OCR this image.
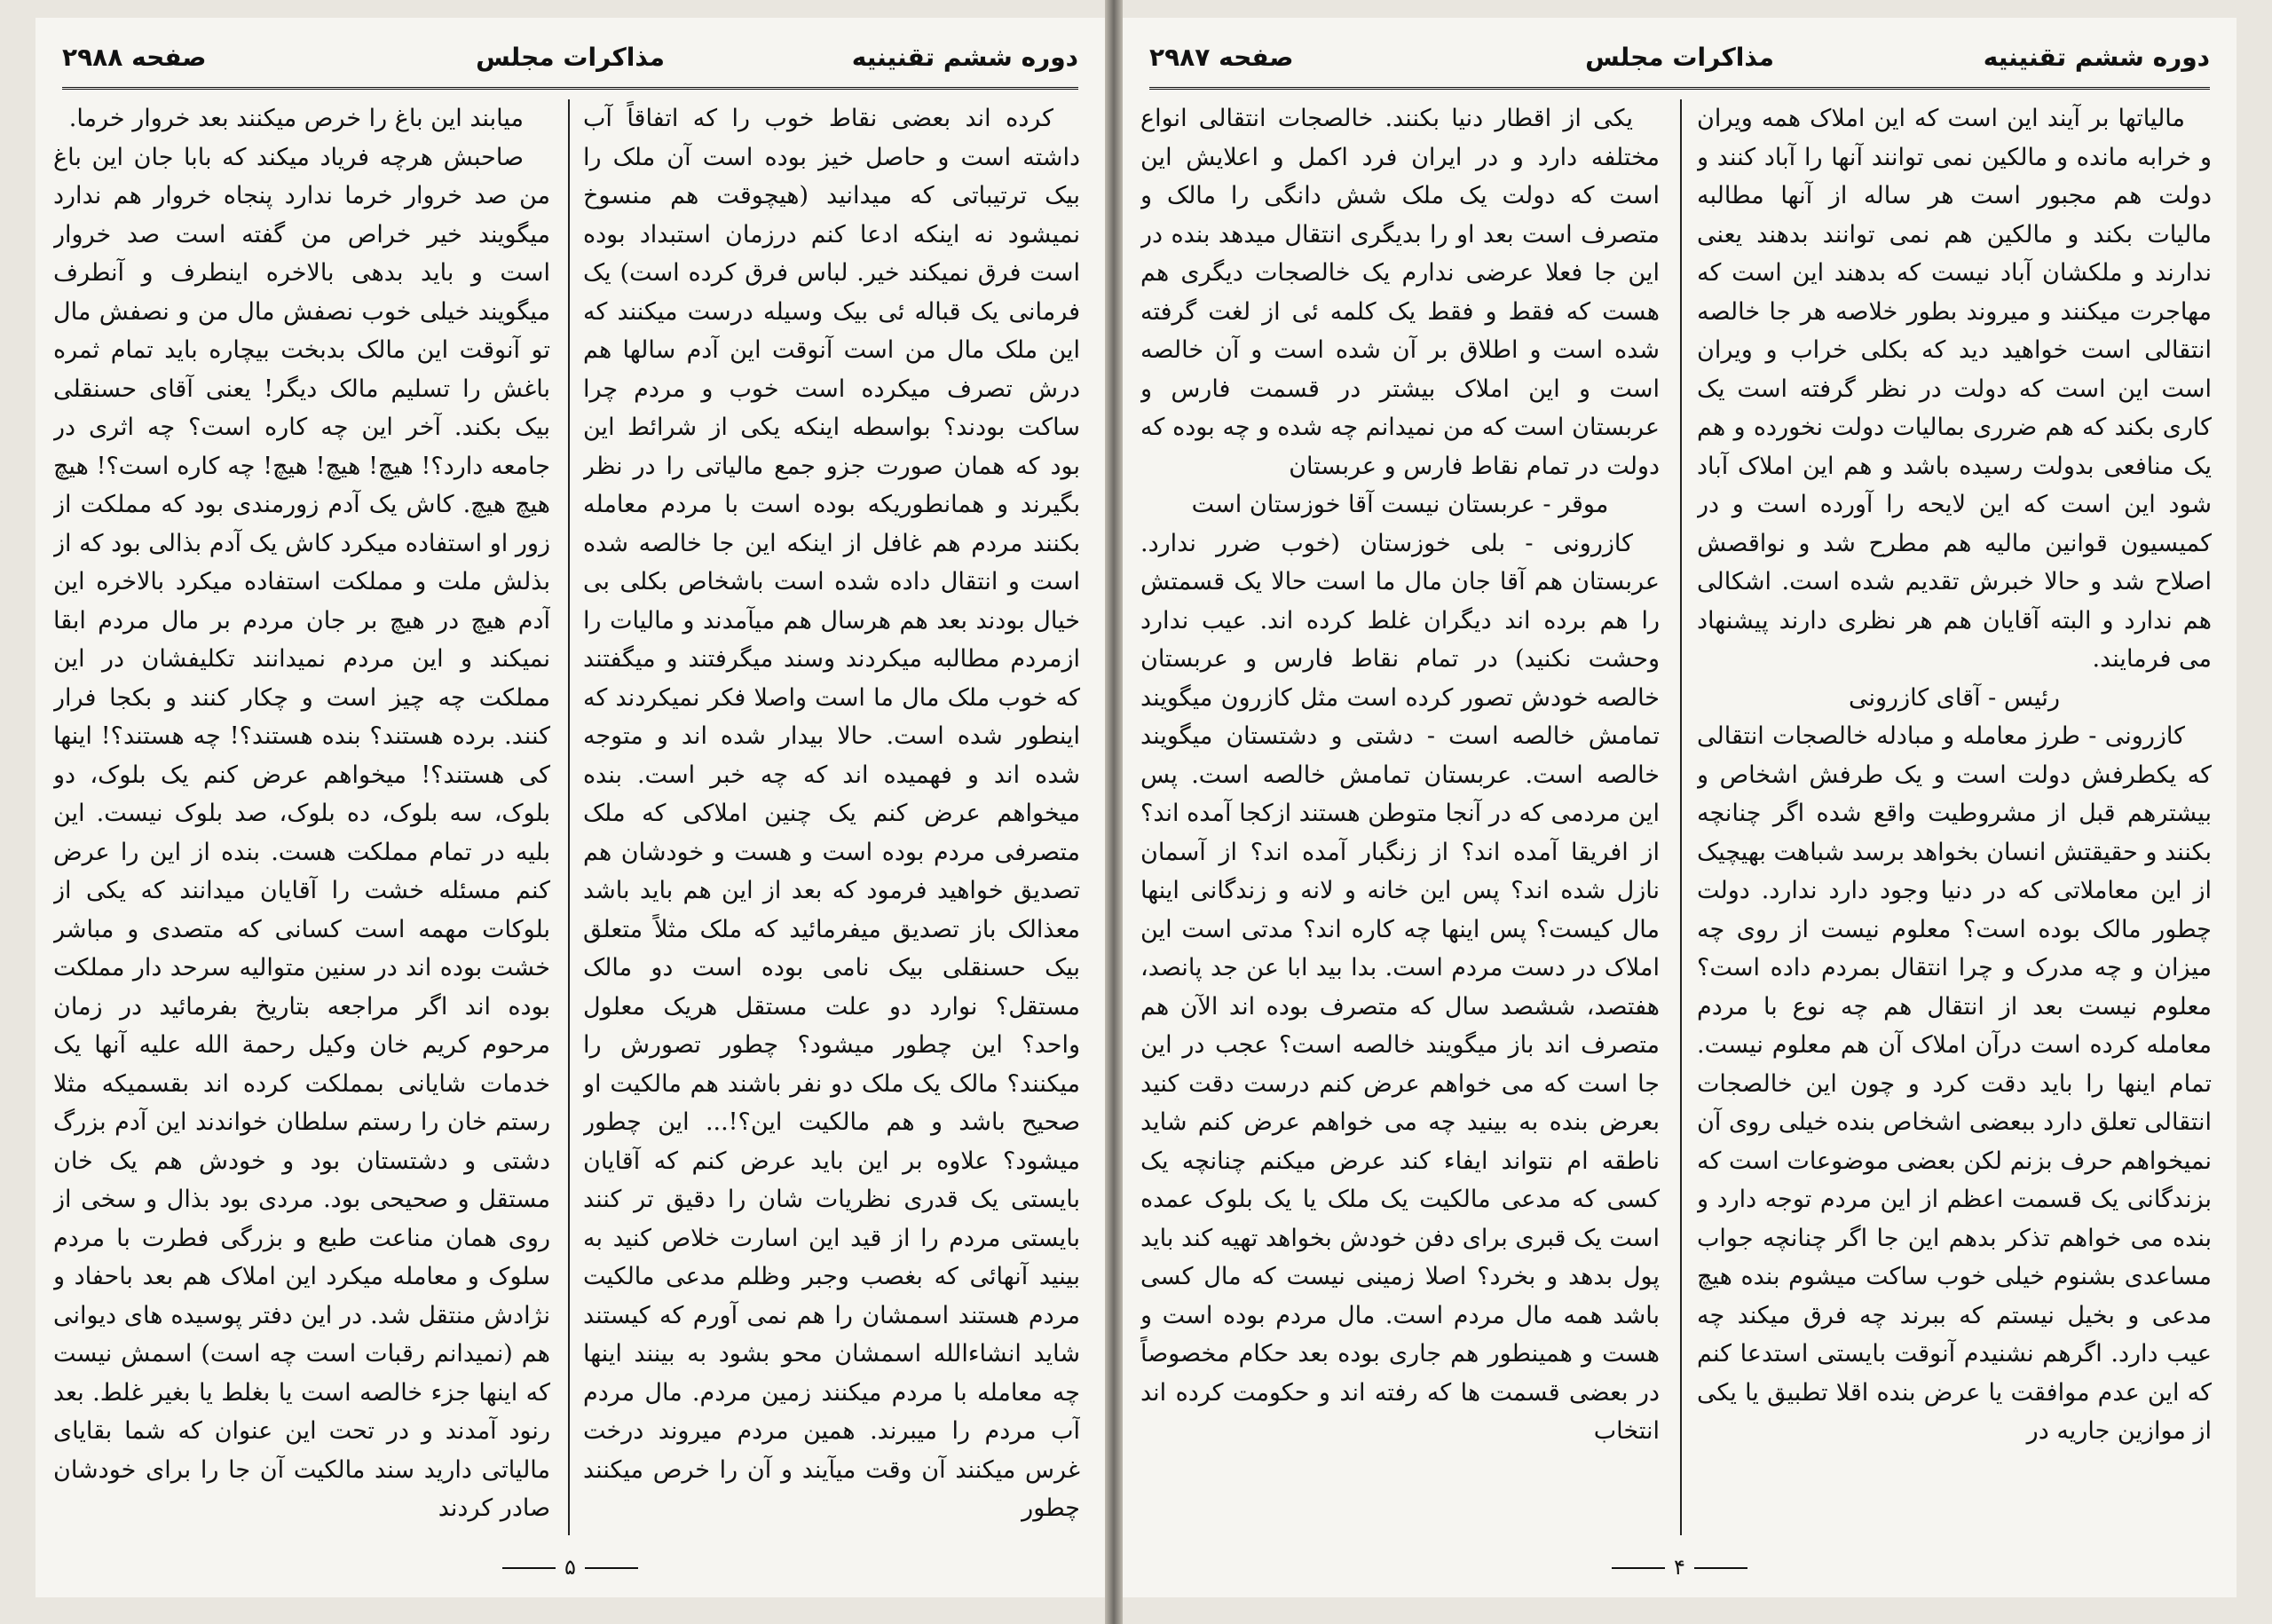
دوره ششم تقنینیه
مذاکرات مجلس
صفحه ۲۹۸۸

کرده اند بعضی نقاط خوب را که اتفاقاً آب داشته است و حاصل خیز بوده است آن ملک را بیک ترتیباتی که میدانید (هیچوقت هم منسوخ نمیشود نه اینکه ادعا کنم درزمان استبداد بوده است فرق نمیکند خیر. لباس فرق کرده است) یک فرمانی یک قباله ئی بیک وسیله درست میکنند که این ملک مال من است آنوقت این آدم سالها هم درش تصرف میکرده است خوب و مردم چرا ساکت بودند؟ بواسطه اینکه یکی از شرائط این بود که همان صورت جزو جمع مالیاتی را در نظر بگیرند و همانطوریکه بوده است با مردم معامله بکنند مردم هم غافل از اینکه این جا خالصه شده است و انتقال داده شده است باشخاص بکلی بی خیال بودند بعد هم هرسال هم میآمدند و مالیات را ازمردم مطالبه میکردند وسند میگرفتند و میگفتند که خوب ملک مال ما است واصلا فکر نمیکردند که اینطور شده است. حالا بیدار شده اند و متوجه شده اند و فهمیده اند که چه خبر است. بنده میخواهم عرض کنم یک چنین املاکی که ملک متصرفی مردم بوده است و هست و خودشان هم تصدیق خواهید فرمود که بعد از این هم باید باشد معذالک باز تصدیق میفرمائید که ملک مثلاً متعلق بیک حسنقلی بیک نامی بوده است دو مالک مستقل؟ نوارد دو علت مستقل هریک معلول واحد؟ این چطور میشود؟ چطور تصورش را میکنند؟ مالک یک ملک دو نفر باشند هم مالکیت او صحیح باشد و هم مالکیت این؟!... این چطور میشود؟ علاوه بر این باید عرض کنم که آقایان بایستی یک قدری نظریات شان را دقیق تر کنند بایستی مردم را از قید این اسارت خلاص کنید به بینید آنهائی که بغصب وجبر وظلم مدعی مالکیت مردم هستند اسمشان را هم نمی آورم که کیستند شاید انشاءالله اسمشان محو بشود به بینند اینها چه معامله با مردم میکنند زمین مردم. مال مردم آب مردم را میبرند. همین مردم میروند درخت غرس میکنند آن وقت میآیند و آن را خرص میکنند چطور

میابند این باغ را خرص میکنند بعد خروار خرما.

صاحبش هرچه فریاد میکند که بابا جان این باغ من صد خروار خرما ندارد پنجاه خروار هم ندارد میگویند خیر خراص من گفته است صد خروار است و باید بدهی بالاخره اینطرف و آنطرف میگویند خیلی خوب نصفش مال من و نصفش مال تو آنوقت این مالک بدبخت بیچاره باید تمام ثمره باغش را تسلیم مالک دیگر! یعنی آقای حسنقلی بیک بکند. آخر این چه کاره است؟ چه اثری در جامعه دارد؟! هیچ! هیچ! هیچ! چه کاره است؟! هیچ هیچ هیچ. کاش یک آدم زورمندی بود که مملکت از زور او استفاده میکرد کاش یک آدم بذالی بود که از بذلش ملت و مملکت استفاده میکرد بالاخره این آدم هیچ در هیچ بر جان مردم بر مال مردم ابقا نمیکند و این مردم نمیدانند تکلیفشان در این مملکت چه چیز است و چکار کنند و بکجا فرار کنند. برده هستند؟ بنده هستند؟! چه هستند؟! اینها کی هستند؟! میخواهم عرض کنم یک بلوک، دو بلوک، سه بلوک، ده بلوک، صد بلوک نیست. این بلیه در تمام مملکت هست. بنده از این را عرض کنم مسئله خشت را آقایان میدانند که یکی از بلوکات مهمه است کسانی که متصدی و مباشر خشت بوده اند در سنین متوالیه سرحد دار مملکت بوده اند اگر مراجعه بتاریخ بفرمائید در زمان مرحوم کریم خان وکیل رحمة الله علیه آنها یک خدمات شایانی بمملکت کرده اند بقسمیکه مثلا رستم خان را رستم سلطان خواندند این آدم بزرگ دشتی و دشتستان بود و خودش هم یک خان مستقل و صحیحی بود. مردی بود بذال و سخی از روی همان مناعت طبع و بزرگی فطرت با مردم سلوک و معامله میکرد این املاک هم بعد باحفاد و نژادش منتقل شد. در این دفتر پوسیده های دیوانی هم (نمیدانم رقبات است چه است) اسمش نیست که اینها جزء خالصه است یا بغلط یا بغیر غلط. بعد رنود آمدند و در تحت این عنوان که شما بقایای مالیاتی دارید سند مالکیت آن جا را برای خودشان صادر کردند

۵
دوره ششم تقنینیه
مذاکرات مجلس
صفحه ۲۹۸۷

مالیاتها بر آیند این است که این املاک همه ویران و خرابه مانده و مالکین نمی توانند آنها را آباد کنند و دولت هم مجبور است هر ساله از آنها مطالبه مالیات بکند و مالکین هم نمی توانند بدهند یعنی ندارند و ملکشان آباد نیست که بدهند این است که مهاجرت میکنند و میروند بطور خلاصه هر جا خالصه انتقالی است خواهید دید که بکلی خراب و ویران است این است که دولت در نظر گرفته است یک کاری بکند که هم ضرری بمالیات دولت نخورده و هم یک منافعی بدولت رسیده باشد و هم این املاک آباد شود این است که این لایحه را آورده است و در کمیسیون قوانین مالیه هم مطرح شد و نواقصش اصلاح شد و حالا خبرش تقدیم شده است. اشکالی هم ندارد و البته آقایان هم هر نظری دارند پیشنهاد می فرمایند.

رئیس - آقای کازرونی

کازرونی - طرز معامله و مبادله خالصجات انتقالی که یکطرفش دولت است و یک طرفش اشخاص و بیشترهم قبل از مشروطیت واقع شده اگر چنانچه بکنند و حقیقتش انسان بخواهد برسد شباهت بهیچیک از این معاملاتی که در دنیا وجود دارد ندارد. دولت چطور مالک بوده است؟ معلوم نیست از روی چه میزان و چه مدرک و چرا انتقال بمردم داده است؟ معلوم نیست بعد از انتقال هم چه نوع با مردم معامله کرده است درآن املاک آن هم معلوم نیست. تمام اینها را باید دقت کرد و چون این خالصجات انتقالی تعلق دارد ببعضی اشخاص بنده خیلی روی آن نمیخواهم حرف بزنم لکن بعضی موضوعات است که بزندگانی یک قسمت اعظم از این مردم توجه دارد و بنده می خواهم تذکر بدهم این جا اگر چنانچه جواب مساعدی بشنوم خیلی خوب ساکت میشوم بنده هیچ مدعی و بخیل نیستم که ببرند چه فرق میکند چه عیب دارد. اگرهم نشنیدم آنوقت بایستی استدعا کنم که این عدم موافقت یا عرض بنده اقلا تطبیق یا یکی از موازین جاریه در

یکی از اقطار دنیا بکنند. خالصجات انتقالی انواع مختلفه دارد و در ایران فرد اکمل و اعلایش این است که دولت یک ملک شش دانگی را مالک و متصرف است بعد او را بدیگری انتقال میدهد بنده در این جا فعلا عرضی ندارم یک خالصجات دیگری هم هست که فقط و فقط یک کلمه ئی از لغت گرفته شده است و اطلاق بر آن شده است و آن خالصه است و این املاک بیشتر در قسمت فارس و عربستان است که من نمیدانم چه شده و چه بوده که دولت در تمام نقاط فارس و عربستان

موقر - عربستان نیست آقا خوزستان است

کازرونی - بلی خوزستان (خوب ضرر ندارد. عربستان هم آقا جان مال ما است حالا یک قسمتش را هم برده اند دیگران غلط کرده اند. عیب ندارد وحشت نکنید) در تمام نقاط فارس و عربستان خالصه خودش تصور کرده است مثل کازرون میگویند تمامش خالصه است - دشتی و دشتستان میگویند خالصه است. عربستان تمامش خالصه است. پس این مردمی که در آنجا متوطن هستند ازکجا آمده اند؟ از افریقا آمده اند؟ از زنگبار آمده اند؟ از آسمان نازل شده اند؟ پس این خانه و لانه و زندگانی اینها مال کیست؟ پس اینها چه کاره اند؟ مدتی است این املاک در دست مردم است. بدا بید ابا عن جد پانصد، هفتصد، ششصد سال که متصرف بوده اند الآن هم متصرف اند باز میگویند خالصه است؟ عجب در این جا است که می خواهم عرض کنم درست دقت کنید بعرض بنده به بینید چه می خواهم عرض کنم شاید ناطقه ام نتواند ایفاء کند عرض میکنم چنانچه یک کسی که مدعی مالکیت یک ملک یا یک بلوک عمده است یک قبری برای دفن خودش بخواهد تهیه کند باید پول بدهد و بخرد؟ اصلا زمینی نیست که مال کسی باشد همه مال مردم است. مال مردم بوده است و هست و همینطور هم جاری بوده بعد حکام مخصوصاً در بعضی قسمت ها که رفته اند و حکومت کرده اند انتخاب

۴
